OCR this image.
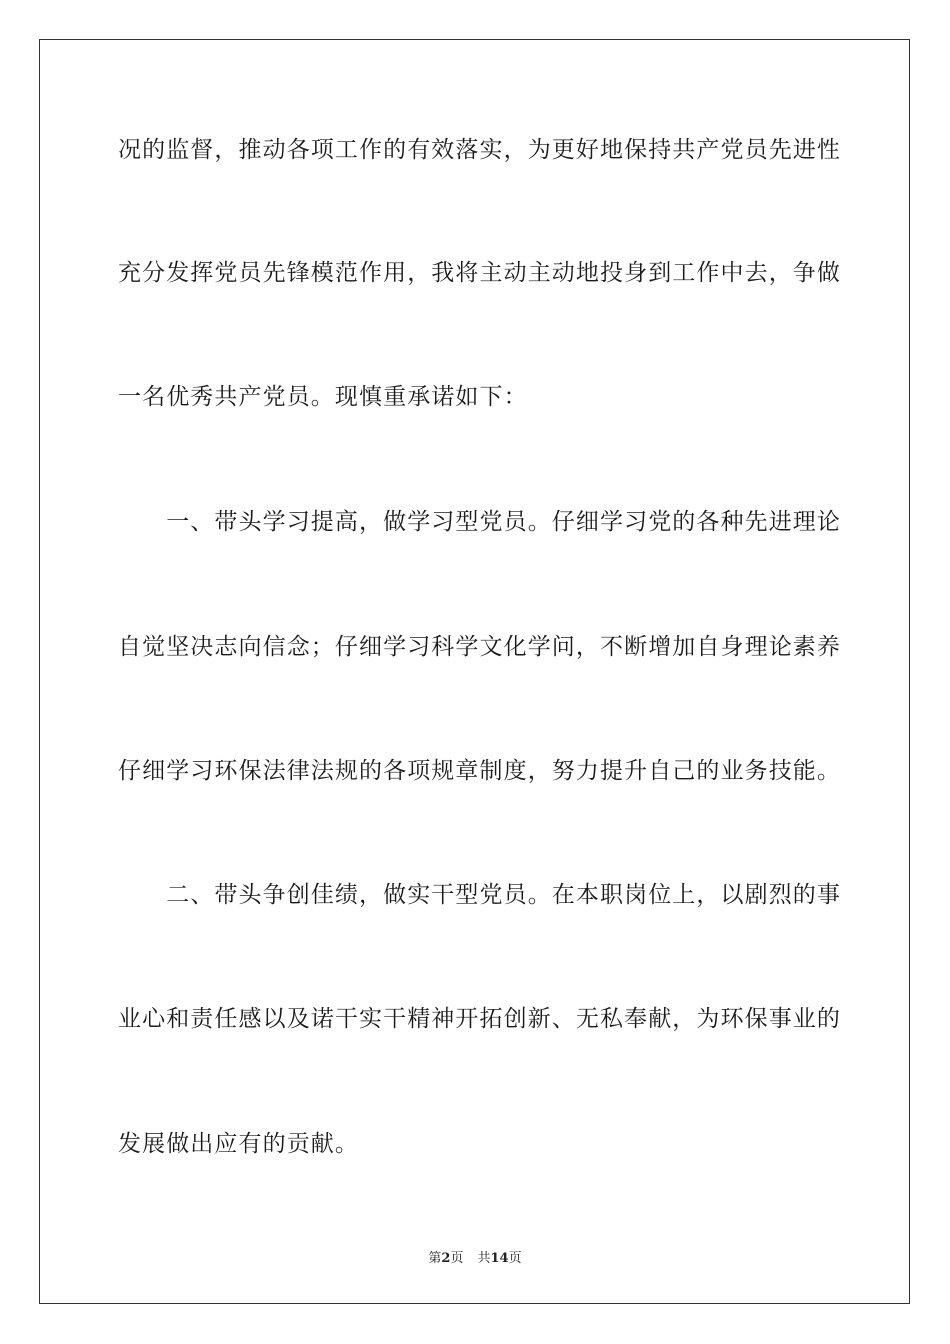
况的监督，推动各项工作的有效落实，为更好地保持共产党员先进性
充分发挥党员先锋模范作用，我将主动主动地投身到工作中去，争做
一名优秀共产党员。现慎重承诺如下：
　　一、带头学习提高，做学习型党员。仔细学习党的各种先进理论
自觉坚决志向信念；仔细学习科学文化学问，不断增加自身理论素养
仔细学习环保法律法规的各项规章制度，努力提升自己的业务技能。
　　二、带头争创佳绩，做实干型党员。在本职岗位上，以剧烈的事
业心和责任感以及诺干实干精神开拓创新、无私奉献，为环保事业的
发展做出应有的贡献。
第2页 共14页
